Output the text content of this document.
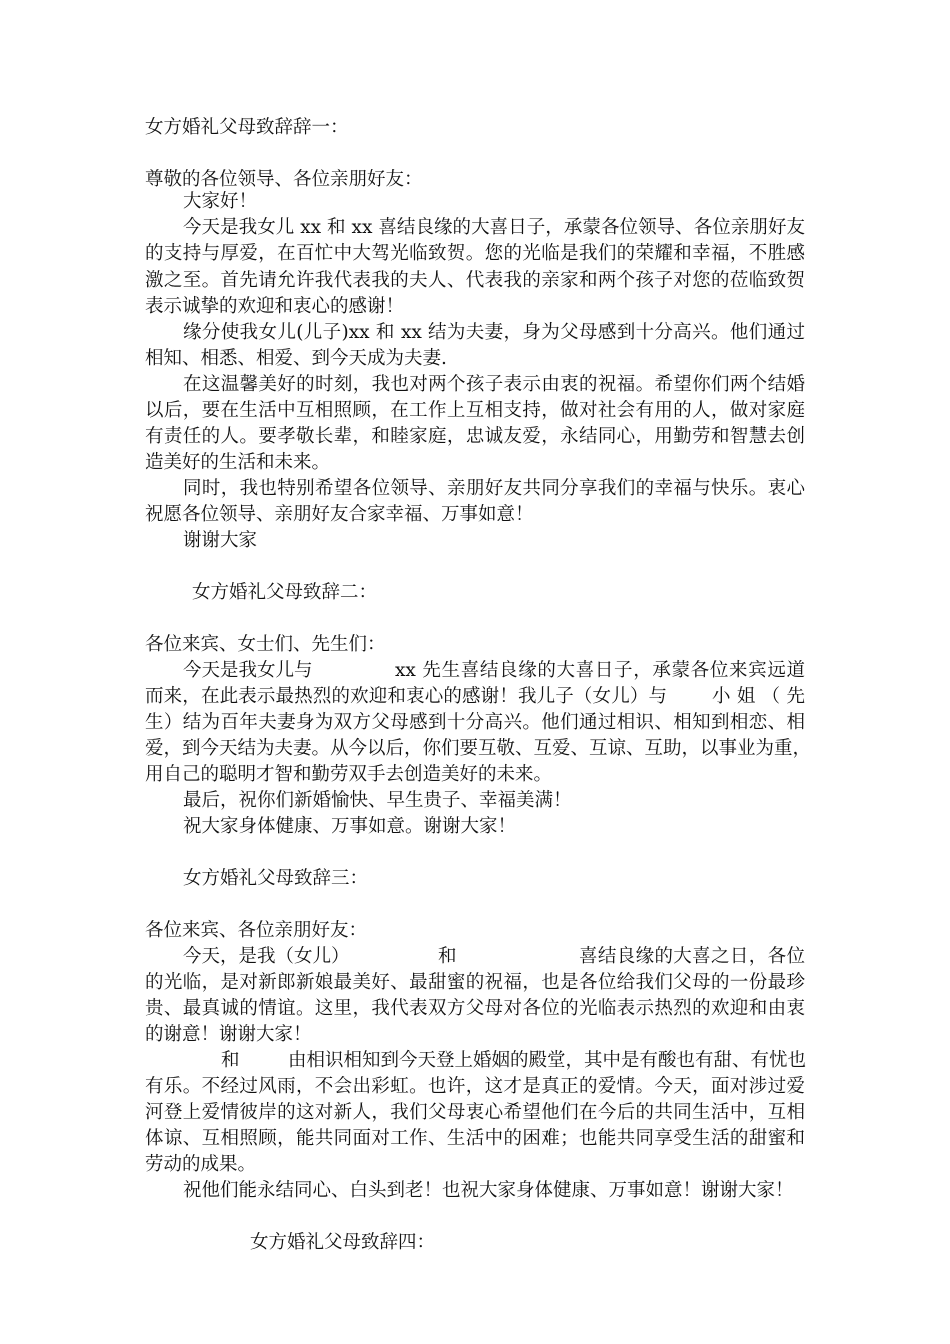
女方婚礼父母致辞辞一：
尊敬的各位领导、各位亲朋好友：
大家好！
今天是我女儿 xx 和 xx 喜结良缘的大喜日子，承蒙各位领导、各位亲朋好友
的支持与厚爱，在百忙中大驾光临致贺。您的光临是我们的荣耀和幸福，不胜感
激之至。首先请允许我代表我的夫人、代表我的亲家和两个孩子对您的莅临致贺
表示诚挚的欢迎和衷心的感谢！
缘分使我女儿(儿子)xx 和 xx 结为夫妻，身为父母感到十分高兴。他们通过
相知、相悉、相爱、到今天成为夫妻.
在这温馨美好的时刻，我也对两个孩子表示由衷的祝福。希望你们两个结婚
以后，要在生活中互相照顾，在工作上互相支持，做对社会有用的人，做对家庭
有责任的人。要孝敬长辈，和睦家庭，忠诚友爱，永结同心，用勤劳和智慧去创
造美好的生活和未来。
同时，我也特别希望各位领导、亲朋好友共同分享我们的幸福与快乐。衷心
祝愿各位领导、亲朋好友合家幸福、万事如意！
谢谢大家
女方婚礼父母致辞二：
各位来宾、女士们、先生们：
今天是我女儿与	xx 先生喜结良缘的大喜日子，承蒙各位来宾远道
而来，在此表示最热烈的欢迎和衷心的感谢！我儿子（女儿）与 小姐（先
生）结为百年夫妻身为双方父母感到十分高兴。他们通过相识、相知到相恋、相
爱，到今天结为夫妻。从今以后，你们要互敬、互爱、互谅、互助，以事业为重，
用自己的聪明才智和勤劳双手去创造美好的未来。
最后，祝你们新婚愉快、早生贵子、幸福美满！
祝大家身体健康、万事如意。谢谢大家！
女方婚礼父母致辞三：
各位来宾、各位亲朋好友：
今天，是我（女儿）	和	喜结良缘的大喜之日，各位
的光临，是对新郎新娘最美好、最甜蜜的祝福，也是各位给我们父母的一份最珍
贵、最真诚的情谊。这里，我代表双方父母对各位的光临表示热烈的欢迎和由衷
的谢意！谢谢大家！
和	由相识相知到今天登上婚姻的殿堂，其中是有酸也有甜、有忧也
有乐。不经过风雨，不会出彩虹。也许，这才是真正的爱情。今天，面对涉过爱
河登上爱情彼岸的这对新人，我们父母衷心希望他们在今后的共同生活中，互相
体谅、互相照顾，能共同面对工作、生活中的困难；也能共同享受生活的甜蜜和
劳动的成果。
祝他们能永结同心、白头到老！也祝大家身体健康、万事如意！谢谢大家！
女方婚礼父母致辞四：
